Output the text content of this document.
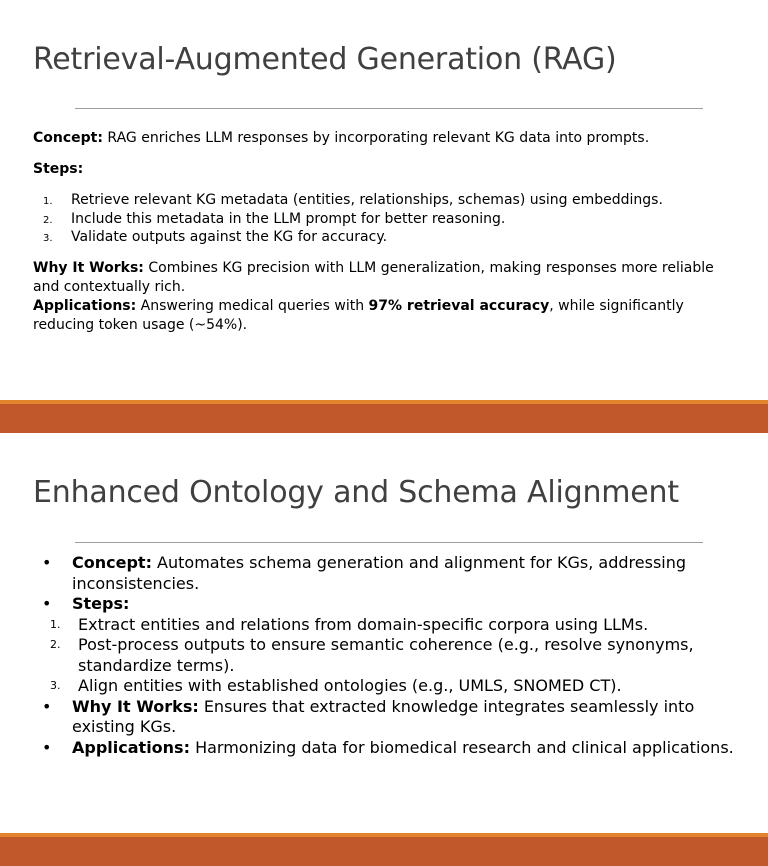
Retrieval-Augmented Generation (RAG)

Concept: RAG enriches LLM responses by incorporating relevant KG data into prompts.

Steps:

1. Retrieve relevant KG metadata (entities, relationships, schemas) using embeddings.
2. Include this metadata in the LLM prompt for better reasoning.
3. Validate outputs against the KG for accuracy.

Why It Works: Combines KG precision with LLM generalization, making responses more reliable and contextually rich.

Applications: Answering medical queries with 97% retrieval accuracy, while significantly reducing token usage (~54%).

Enhanced Ontology and Schema Alignment
• Concept: Automates schema generation and alignment for KGs, addressing inconsistencies.
• Steps:
1. Extract entities and relations from domain-specific corpora using LLMs.
2. Post-process outputs to ensure semantic coherence (e.g., resolve synonyms, standardize terms).
3. Align entities with established ontologies (e.g., UMLS, SNOMED CT).
• Why It Works: Ensures that extracted knowledge integrates seamlessly into existing KGs.
• Applications: Harmonizing data for biomedical research and clinical applications.
